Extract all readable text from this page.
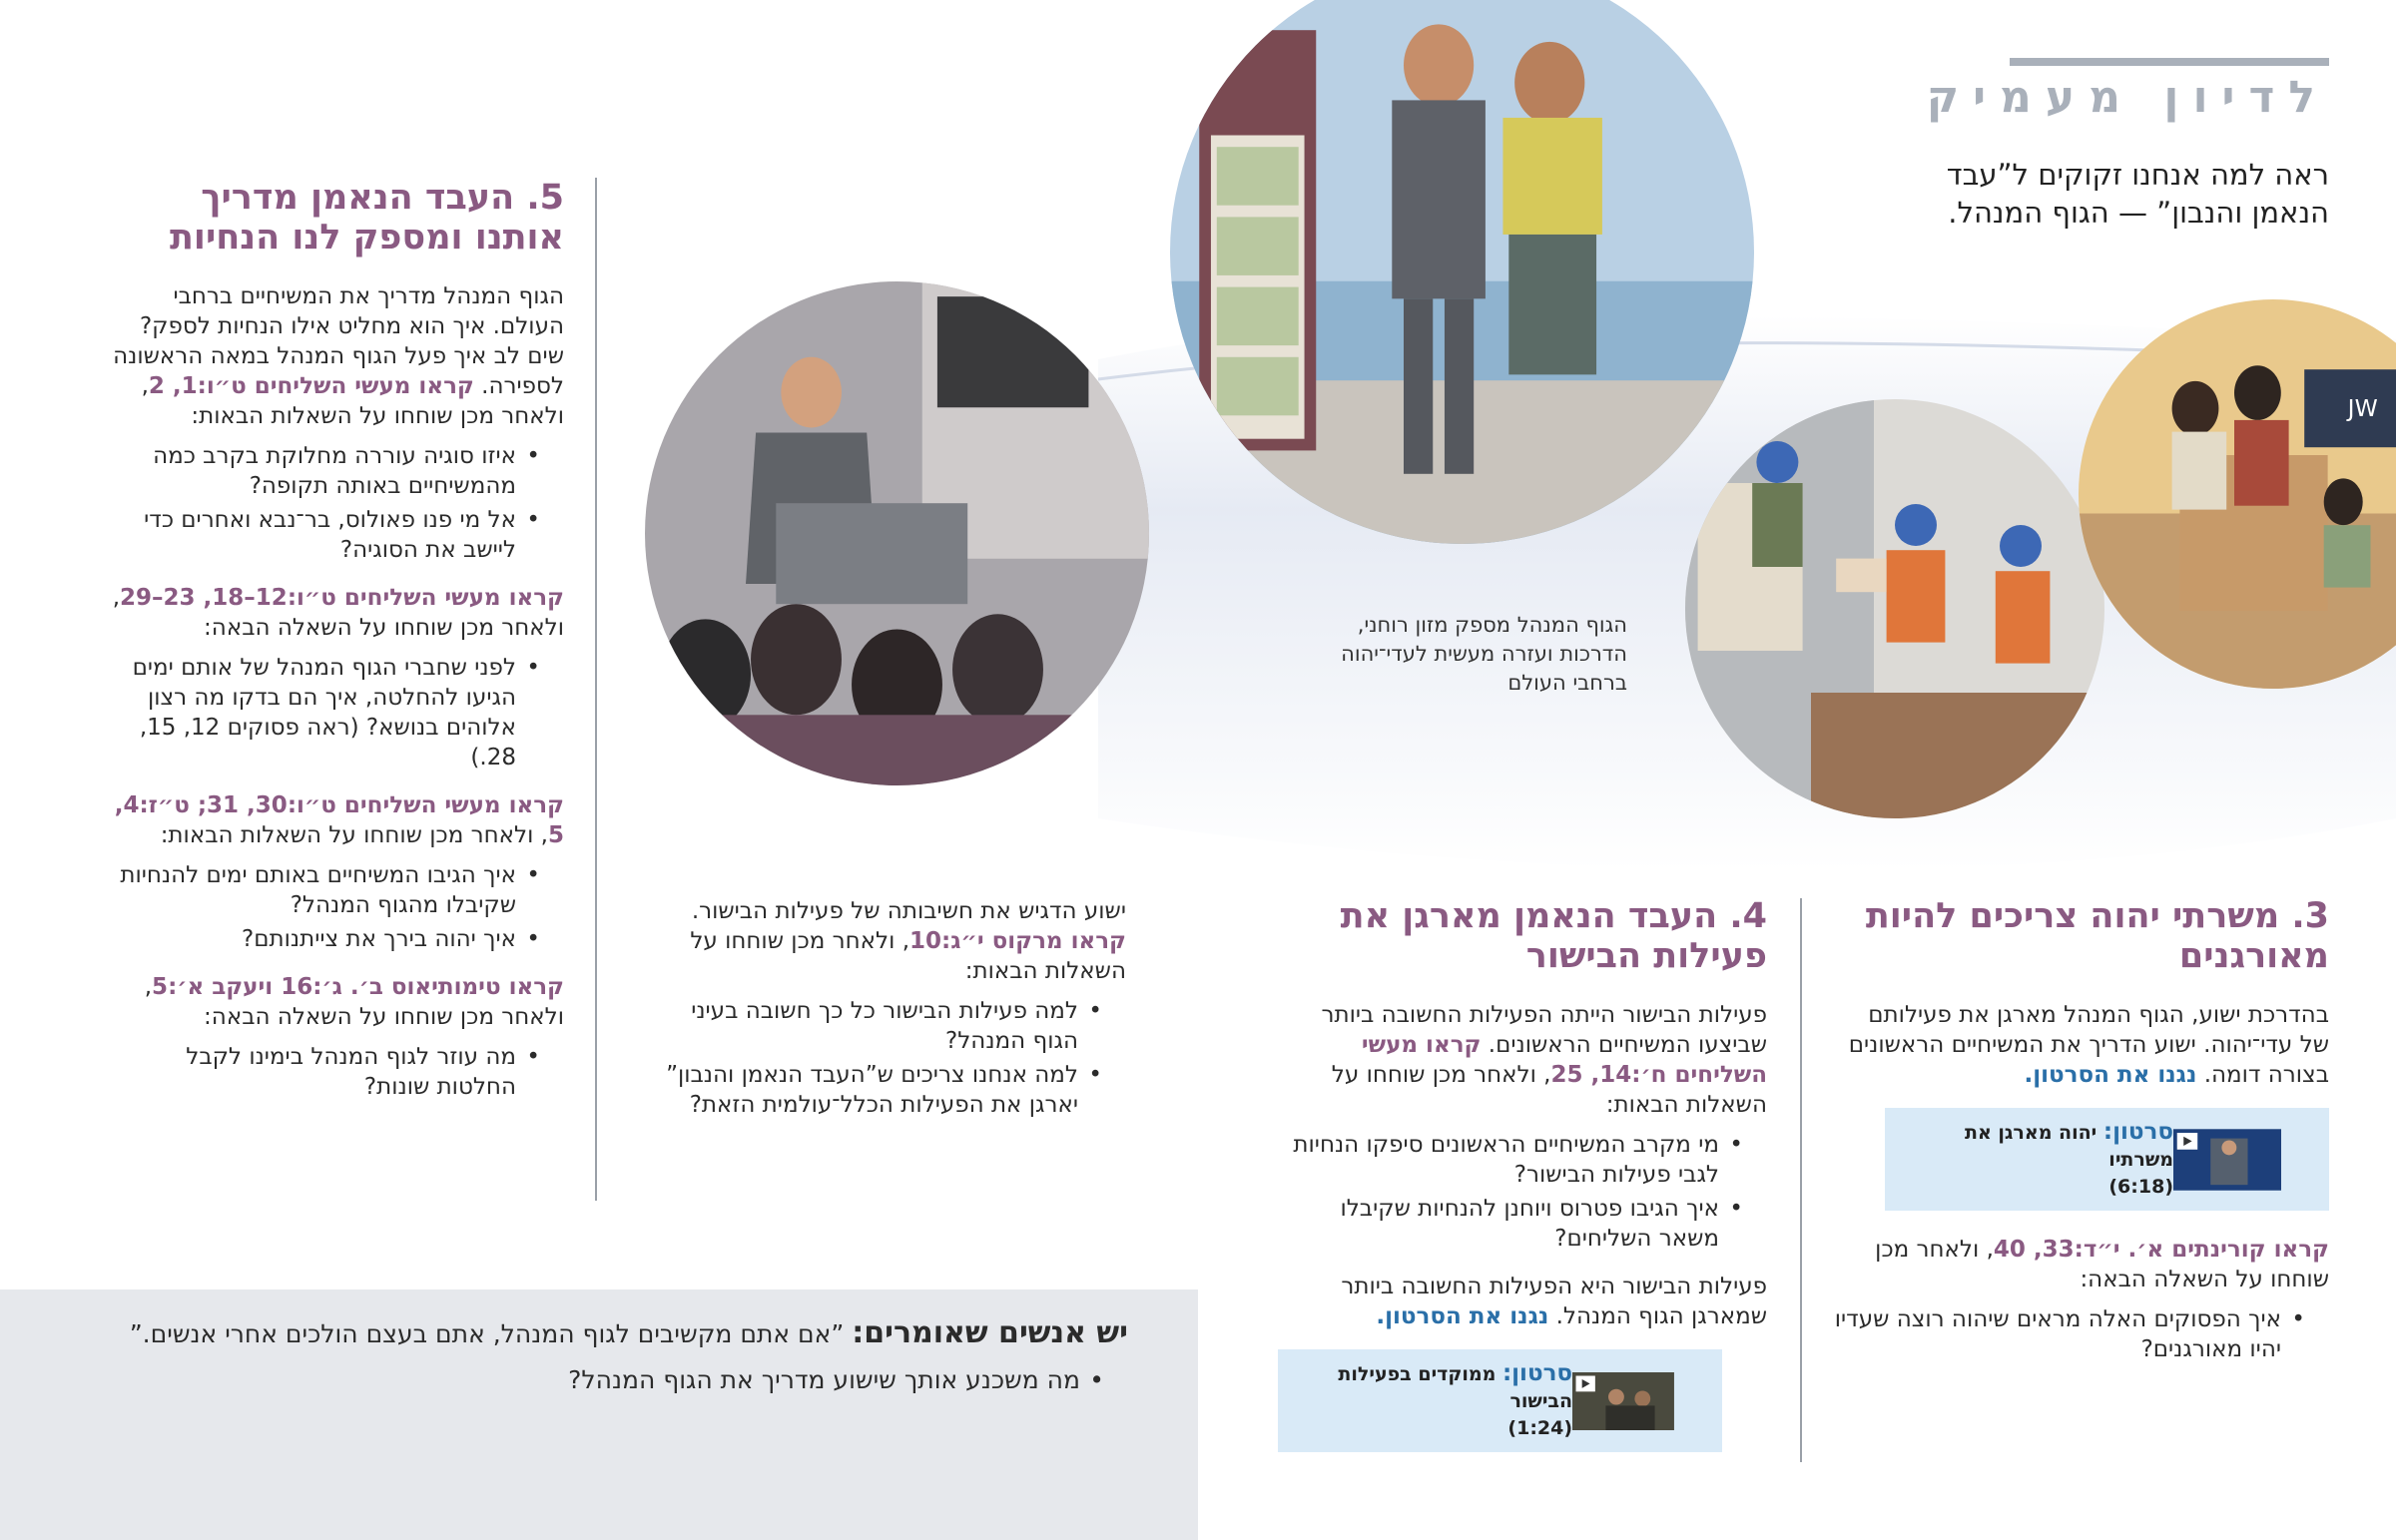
JW
לדיון מעמיק
ראה למה אנחנו זקוקים ל”עבד הנאמן והנבון” — הגוף המנהל.
הגוף המנהל מספק מזון רוחני, הדרכות ועזרה מעשית לעדי־יהוה ברחבי העולם
3. משרתי יהוה צריכים להיות מאורגנים

בהדרכת ישוע, הגוף המנהל מארגן את פעילותם של עדי־יהוה. ישוע הדריך את המשיחיים הראשונים בצורה דומה. נגנו את הסרטון.

סרטון: יהוה מארגן את משרתיו
(6:18)

קראו קורינתים א׳. י״ד:33, 40, ולאחר מכן שוחחו על השאלה הבאה:

• איך הפסוקים האלה מראים שיהוה רוצה שעדיו יהיו מאורגנים?
4. העבד הנאמן מארגן את פעילות הבישור

פעילות הבישור הייתה הפעילות החשובה ביותר שביצעו המשיחיים הראשונים. קראו מעשי השליחים ח׳:14, 25, ולאחר מכן שוחחו על השאלות הבאות:

• מי מקרב המשיחיים הראשונים סיפקו הנחיות לגבי פעילות הבישור?
• איך הגיבו פטרוס ויוחנן להנחיות שקיבלו משאר השליחים?

פעילות הבישור היא הפעילות החשובה ביותר שמארגן הגוף המנהל. נגנו את הסרטון.

סרטון: ממוקדים בפעילות הבישור
(1:24)

ישוע הדגיש את חשיבותה של פעילות הבישור. קראו מרקוס י״ג:10, ולאחר מכן שוחחו על השאלות הבאות:

• למה פעילות הבישור כל כך חשובה בעיני הגוף המנהל?
• למה אנחנו צריכים ש”העבד הנאמן והנבון” יארגן את הפעילות הכלל־עולמית הזאת?
5. העבד הנאמן מדריך אותנו ומספק לנו הנחיות

הגוף המנהל מדריך את המשיחיים ברחבי העולם. איך הוא מחליט אילו הנחיות לספק? שים לב איך פעל הגוף המנהל במאה הראשונה לספירה. קראו מעשי השליחים ט״ו:1, 2, ולאחר מכן שוחחו על השאלות הבאות:

• איזו סוגיה עוררה מחלוקת בקרב כמה מהמשיחיים באותה תקופה?
• אל מי פנו פאולוס, בר־נבא ואחרים כדי ליישב את הסוגיה?

קראו מעשי השליחים ט״ו:12–18, 23–29, ולאחר מכן שוחחו על השאלה הבאה:

• לפני שחברי הגוף המנהל של אותם ימים הגיעו להחלטה, איך הם בדקו מה רצון אלוהים בנושא? (ראה פסוקים 12, 15, 28.)

קראו מעשי השליחים ט״ו:30, 31; ט״ז:4, 5, ולאחר מכן שוחחו על השאלות הבאות:

• איך הגיבו המשיחיים באותם ימים להנחיות שקיבלו מהגוף המנהל?
• איך יהוה בירך את צייתנותם?

קראו טימותיאוס ב׳. ג׳:16 ויעקב א׳:5, ולאחר מכן שוחחו על השאלה הבאה:

• מה עוזר לגוף המנהל בימינו לקבל החלטות שונות?

יש אנשים שאומרים: ”אם אתם מקשיבים לגוף המנהל, אתם בעצם הולכים אחרי אנשים.”

• מה משכנע אותך שישוע מדריך את הגוף המנהל?
